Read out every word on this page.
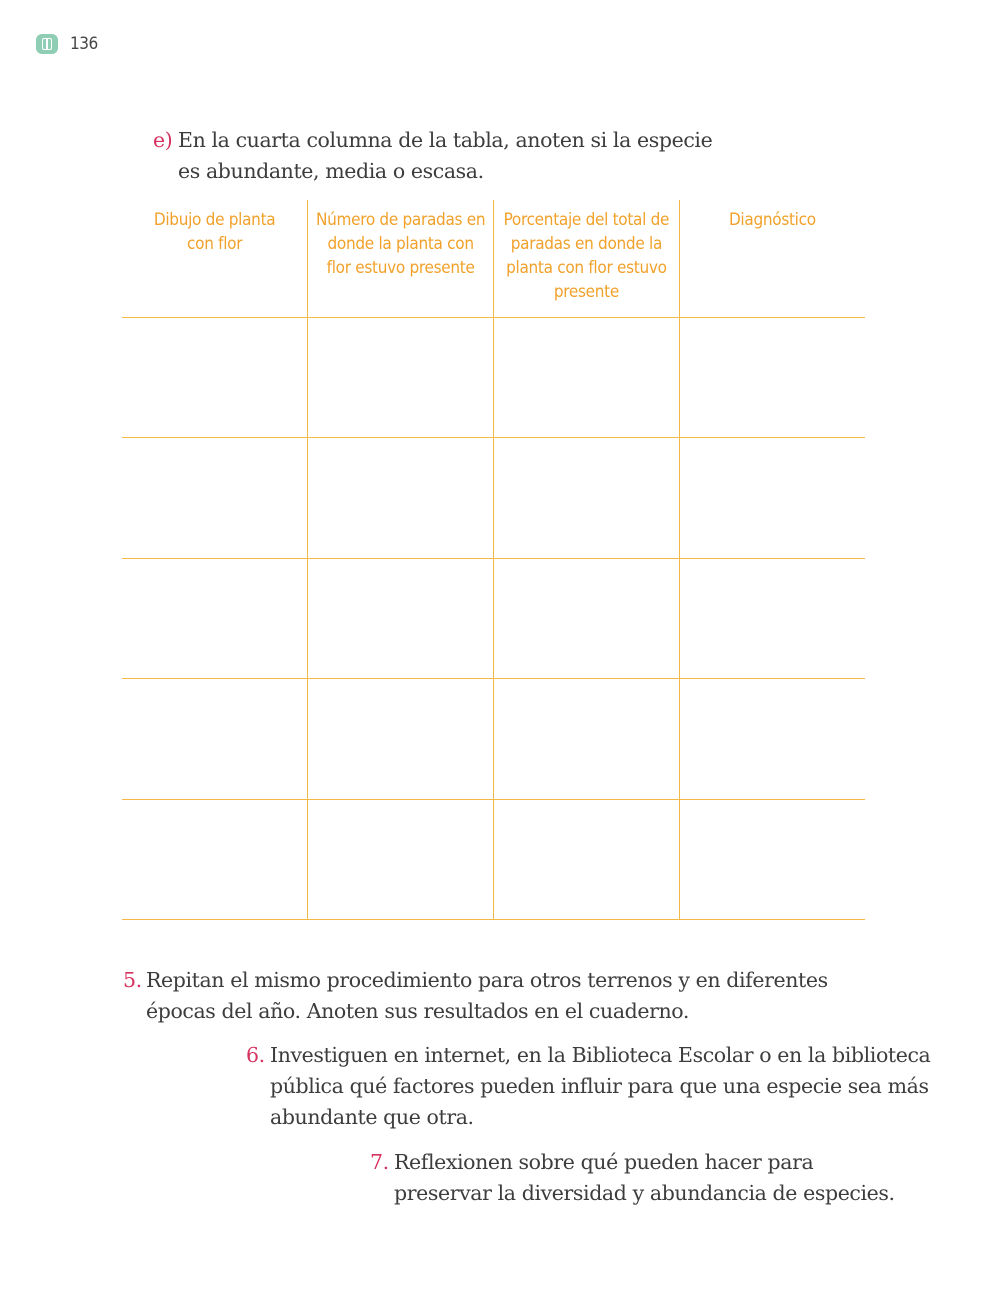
136
e) En la cuarta columna de la tabla, anoten si la especie
es abundante, media o escasa.
Dibujo de planta
con flor	Número de paradas en
donde la planta con
flor estuvo presente	Porcentaje del total de
paradas en donde la
planta con flor estuvo
presente	Diagnóstico

5. Repitan el mismo procedimiento para otros terrenos y en diferentes
épocas del año. Anoten sus resultados en el cuaderno.
6. Investiguen en internet, en la Biblioteca Escolar o en la biblioteca
pública qué factores pueden influir para que una especie sea más
abundante que otra.
7. Reflexionen sobre qué pueden hacer para
preservar la diversidad y abundancia de especies.
